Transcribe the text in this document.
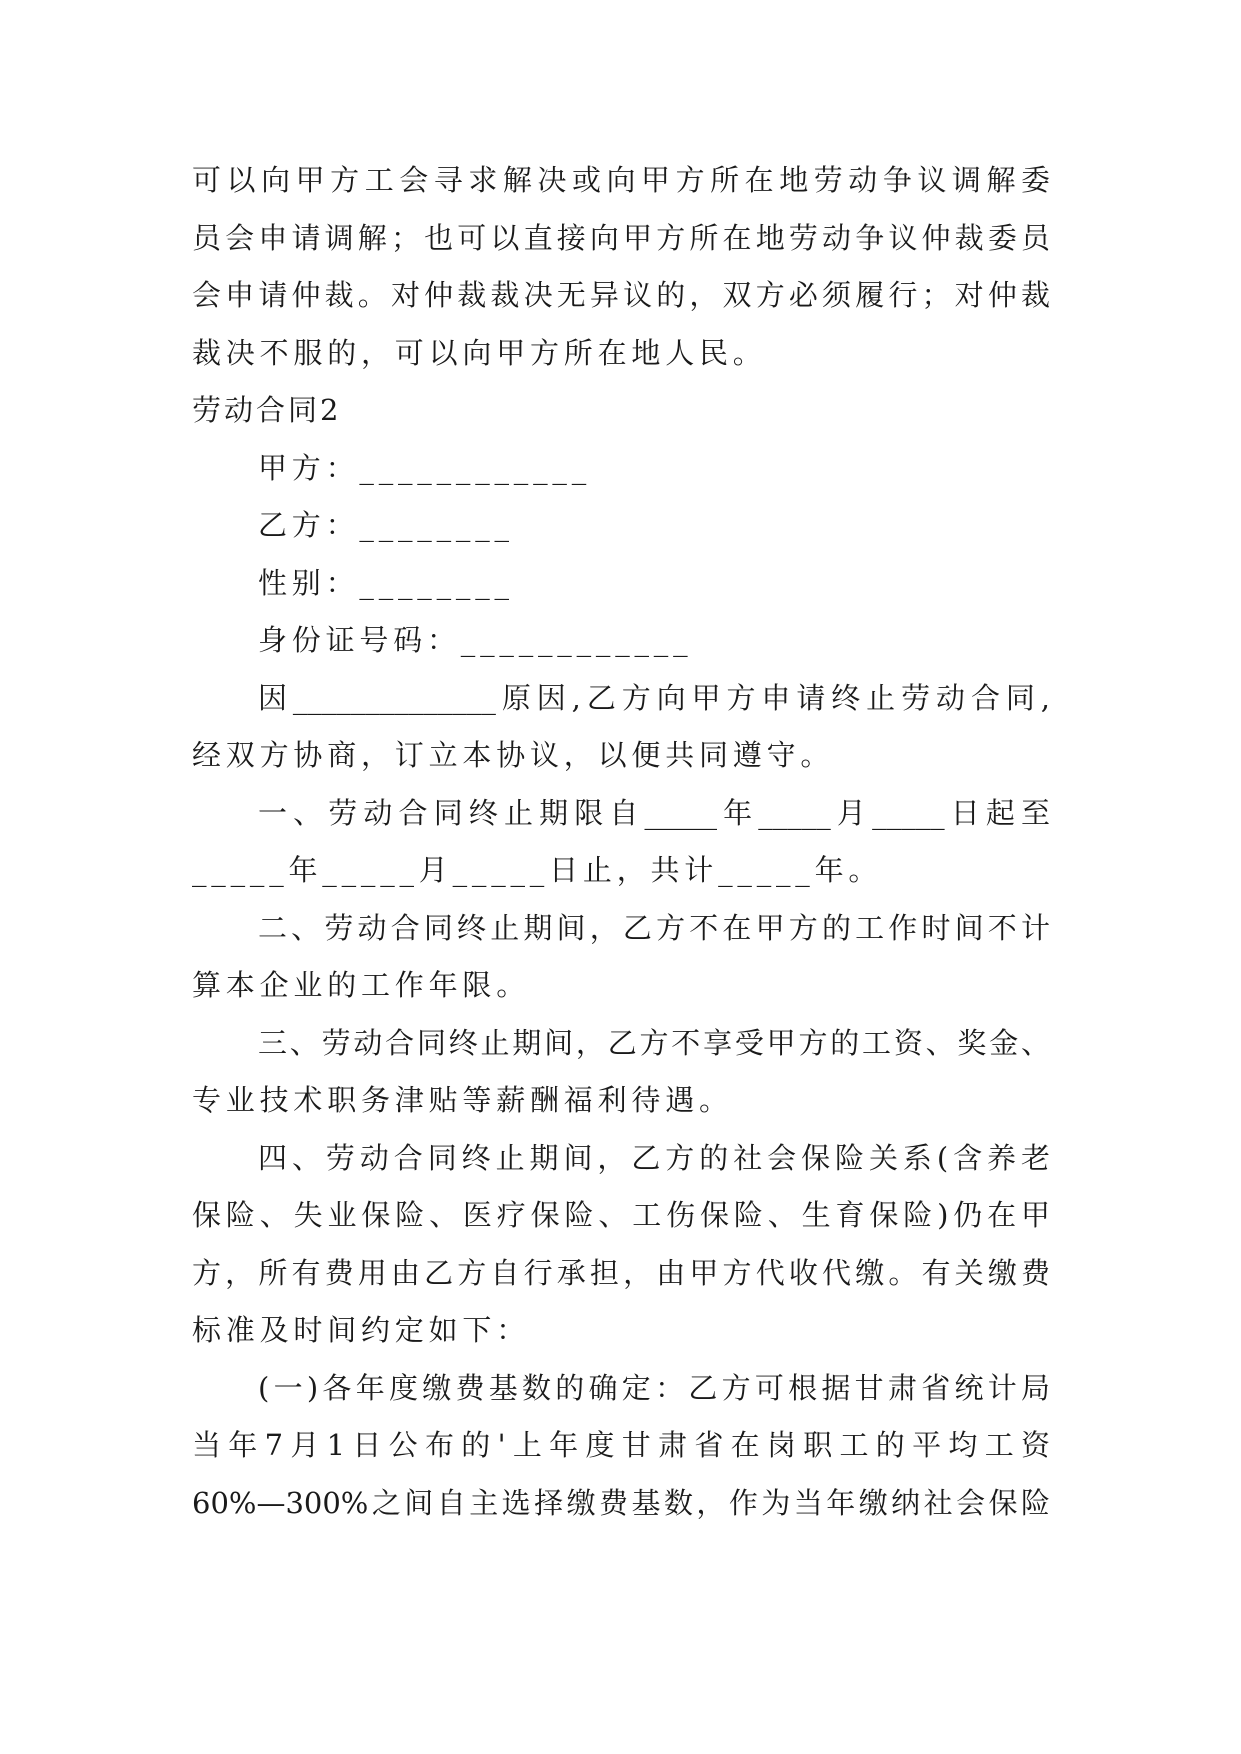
可以向甲方工会寻求解决或向甲方所在地劳动争议调解委
员会申请调解；也可以直接向甲方所在地劳动争议仲裁委员
会申请仲裁。对仲裁裁决无异议的，双方必须履行；对仲裁
裁决不服的，可以向甲方所在地人民。
劳动合同2
甲方：____________
乙方：________
性别：________
身份证号码：____________
因______________原因,乙方向甲方申请终止劳动合同,
经双方协商，订立本协议，以便共同遵守。
一、劳动合同终止期限自_____年_____月_____日起至
_____年_____月_____日止，共计_____年。
二、劳动合同终止期间，乙方不在甲方的工作时间不计
算本企业的工作年限。
三、劳动合同终止期间，乙方不享受甲方的工资、奖金、
专业技术职务津贴等薪酬福利待遇。
四、劳动合同终止期间，乙方的社会保险关系(含养老
保险、失业保险、医疗保险、工伤保险、生育保险)仍在甲
方，所有费用由乙方自行承担，由甲方代收代缴。有关缴费
标准及时间约定如下：
(一)各年度缴费基数的确定：乙方可根据甘肃省统计局
当年7月1日公布的'上年度甘肃省在岗职工的平均工资
60%—300%之间自主选择缴费基数，作为当年缴纳社会保险
